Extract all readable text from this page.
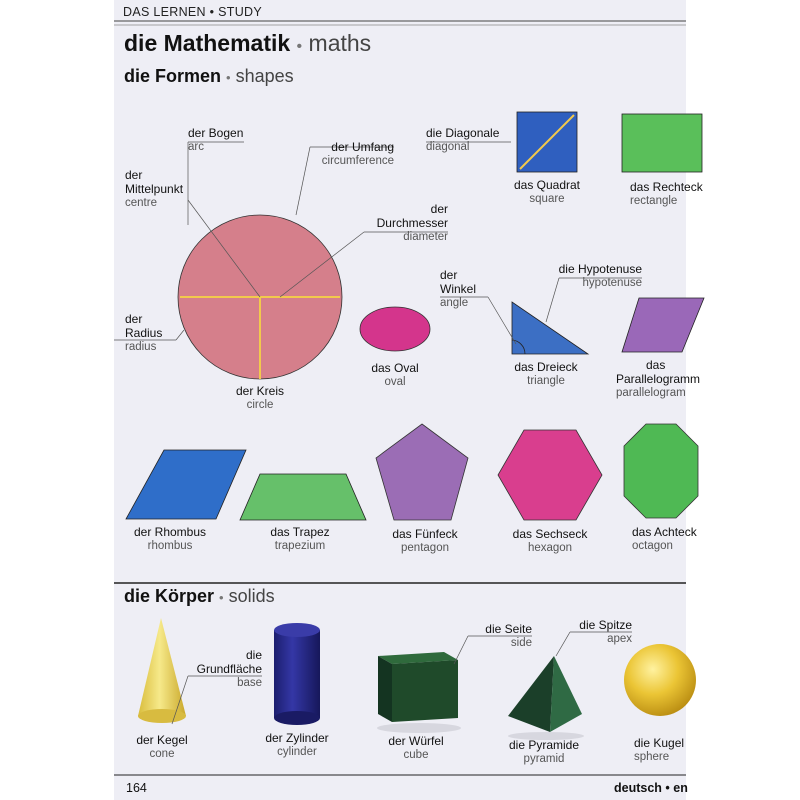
DAS LERNEN • STUDY
die Mathematik • maths
die Formen • shapes
der Bogen
arc	der Umfang
circumference
der
Mittelpunkt
centre	der
Durchmesser
diameter
der
Radius
radius
der Kreis
circle
das Oval
oval
die Diagonale
diagonal
das Quadrat
square
das Rechteck
rectangle
der
Winkel
angle
die Hypotenuse
hypotenuse
das Dreieck
triangle
das
Parallelogramm
parallelogram
der Rhombus
rhombus
das Trapez
trapezium
das Fünfeck
pentagon
das Sechseck
hexagon
das Achteck
octagon
die Körper • solids
die
Grundfläche
base
der Kegel
cone
der Zylinder
cylinder
die Seite
side
der Würfel
cube
die Spitze
apex
die Pyramide
pyramid
die Kugel
sphere
164	deutsch • en
